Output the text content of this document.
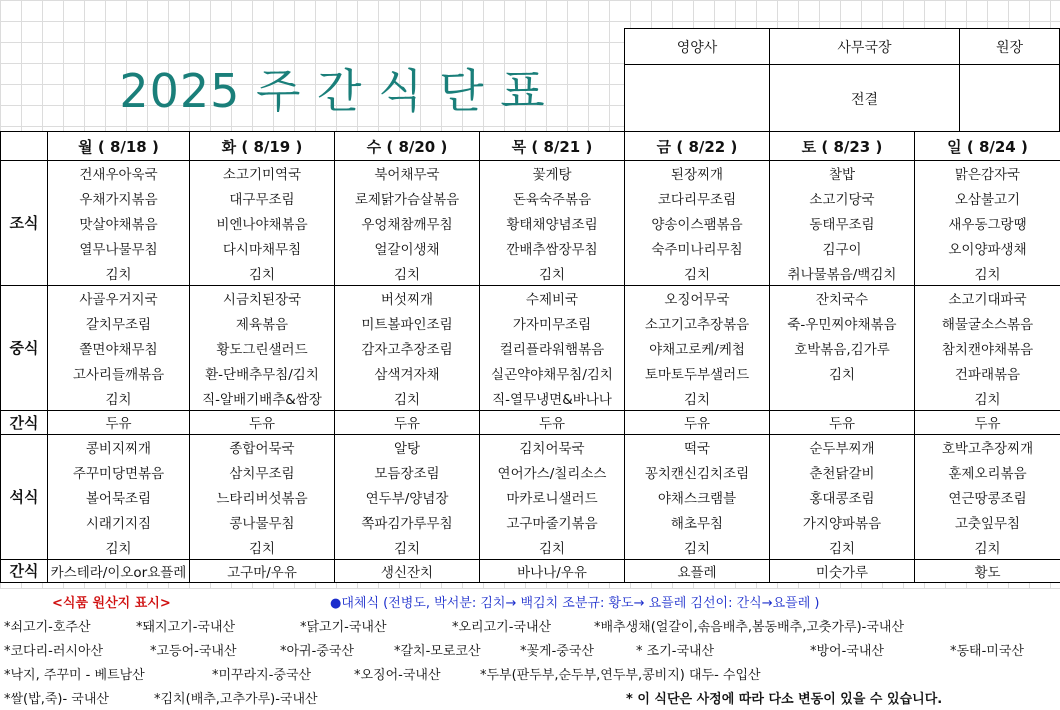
2025 주 간 식 단 표
영양사	사무국장	원장
	전결	
	월 ( 8/18 )	화 ( 8/19 )	수 ( 8/20 )	목 ( 8/21 )	금 ( 8/22 )	토 ( 8/23 )	일 ( 8/24 )
조식	건새우아욱국	소고기미역국	북어채무국	꽃게탕	된장찌개	찰밥	맑은감자국
	우채가지볶음	대구무조림	로제닭가슴살볶음	돈육숙주볶음	코다리무조림	소고기당국	오삼불고기
	맛살야채볶음	비엔나야채볶음	우엉채참깨무침	황태채양념조림	양송이스팸볶음	동태무조림	새우동그랑땡
	열무나물무침	다시마채무침	얼갈이생채	깐배추쌈장무침	숙주미나리무침	김구이	오이양파생채
	김치	김치	김치	김치	김치	취나물볶음/백김치	김치
중식	사골우거지국	시금치된장국	버섯찌개	수제비국	오징어무국	잔치국수	소고기대파국
	갈치무조림	제육볶음	미트볼파인조림	가자미무조림	소고기고추장볶음	죽-우민찌야채볶음	해물굴소스볶음
	쫄면야채무침	황도그린샐러드	감자고추장조림	컬리플라워햄볶음	야채고로케/케첩	호박볶음,김가루	참치캔야채볶음
	고사리들깨볶음	환-단배추무침/김치	삼색겨자채	실곤약야채무침/김치	토마토두부샐러드	김치	건파래볶음
	김치	직-알배기배추&쌈장	김치	직-열무냉면&바나나	김치		김치
간식	두유	두유	두유	두유	두유	두유	두유
석식	콩비지찌개	종합어묵국	알탕	김치어묵국	떡국	순두부찌개	호박고추장찌개
	주꾸미당면볶음	삼치무조림	모듬장조림	연어가스/칠리소스	꽁치캔신김치조림	춘천닭갈비	훈제오리볶음
	볼어묵조림	느타리버섯볶음	연두부/양념장	마카로니샐러드	야채스크램블	홍대콩조림	연근땅콩조림
	시래기지짐	콩나물무침	쪽파김가루무침	고구마줄기볶음	해초무침	가지양파볶음	고춧잎무침
	김치	김치	김치	김치	김치	김치	김치
간식	카스테라/이오or요플레	고구마/우유	생신잔치	바나나/우유	요플레	미숫가루	황도
<식품 원산지 표시>	●대체식 (전병도, 박서분: 김치→ 백김치 조분규: 황도→ 요플레 김선이: 간식→요플레 )
*쇠고기-호주산	*돼지고기-국내산	*닭고기-국내산	*오리고기-국내산	*배추생채(얼갈이,솎음배추,봄동배추,고춧가루)-국내산
*코다리-러시아산	*고등어-국내산	*아귀-중국산	*갈치-모로코산	*꽃게-중국산	* 조기-국내산	*방어-국내산	*동태-미국산
*낙지, 주꾸미 - 베트남산	*미꾸라지-중국산	*오징어-국내산	*두부(판두부,순두부,연두부,콩비지) 대두- 수입산
*쌀(밥,죽)- 국내산	*김치(배추,고추가루)-국내산	* 이 식단은 사정에 따라 다소 변동이 있을 수 있습니다.
